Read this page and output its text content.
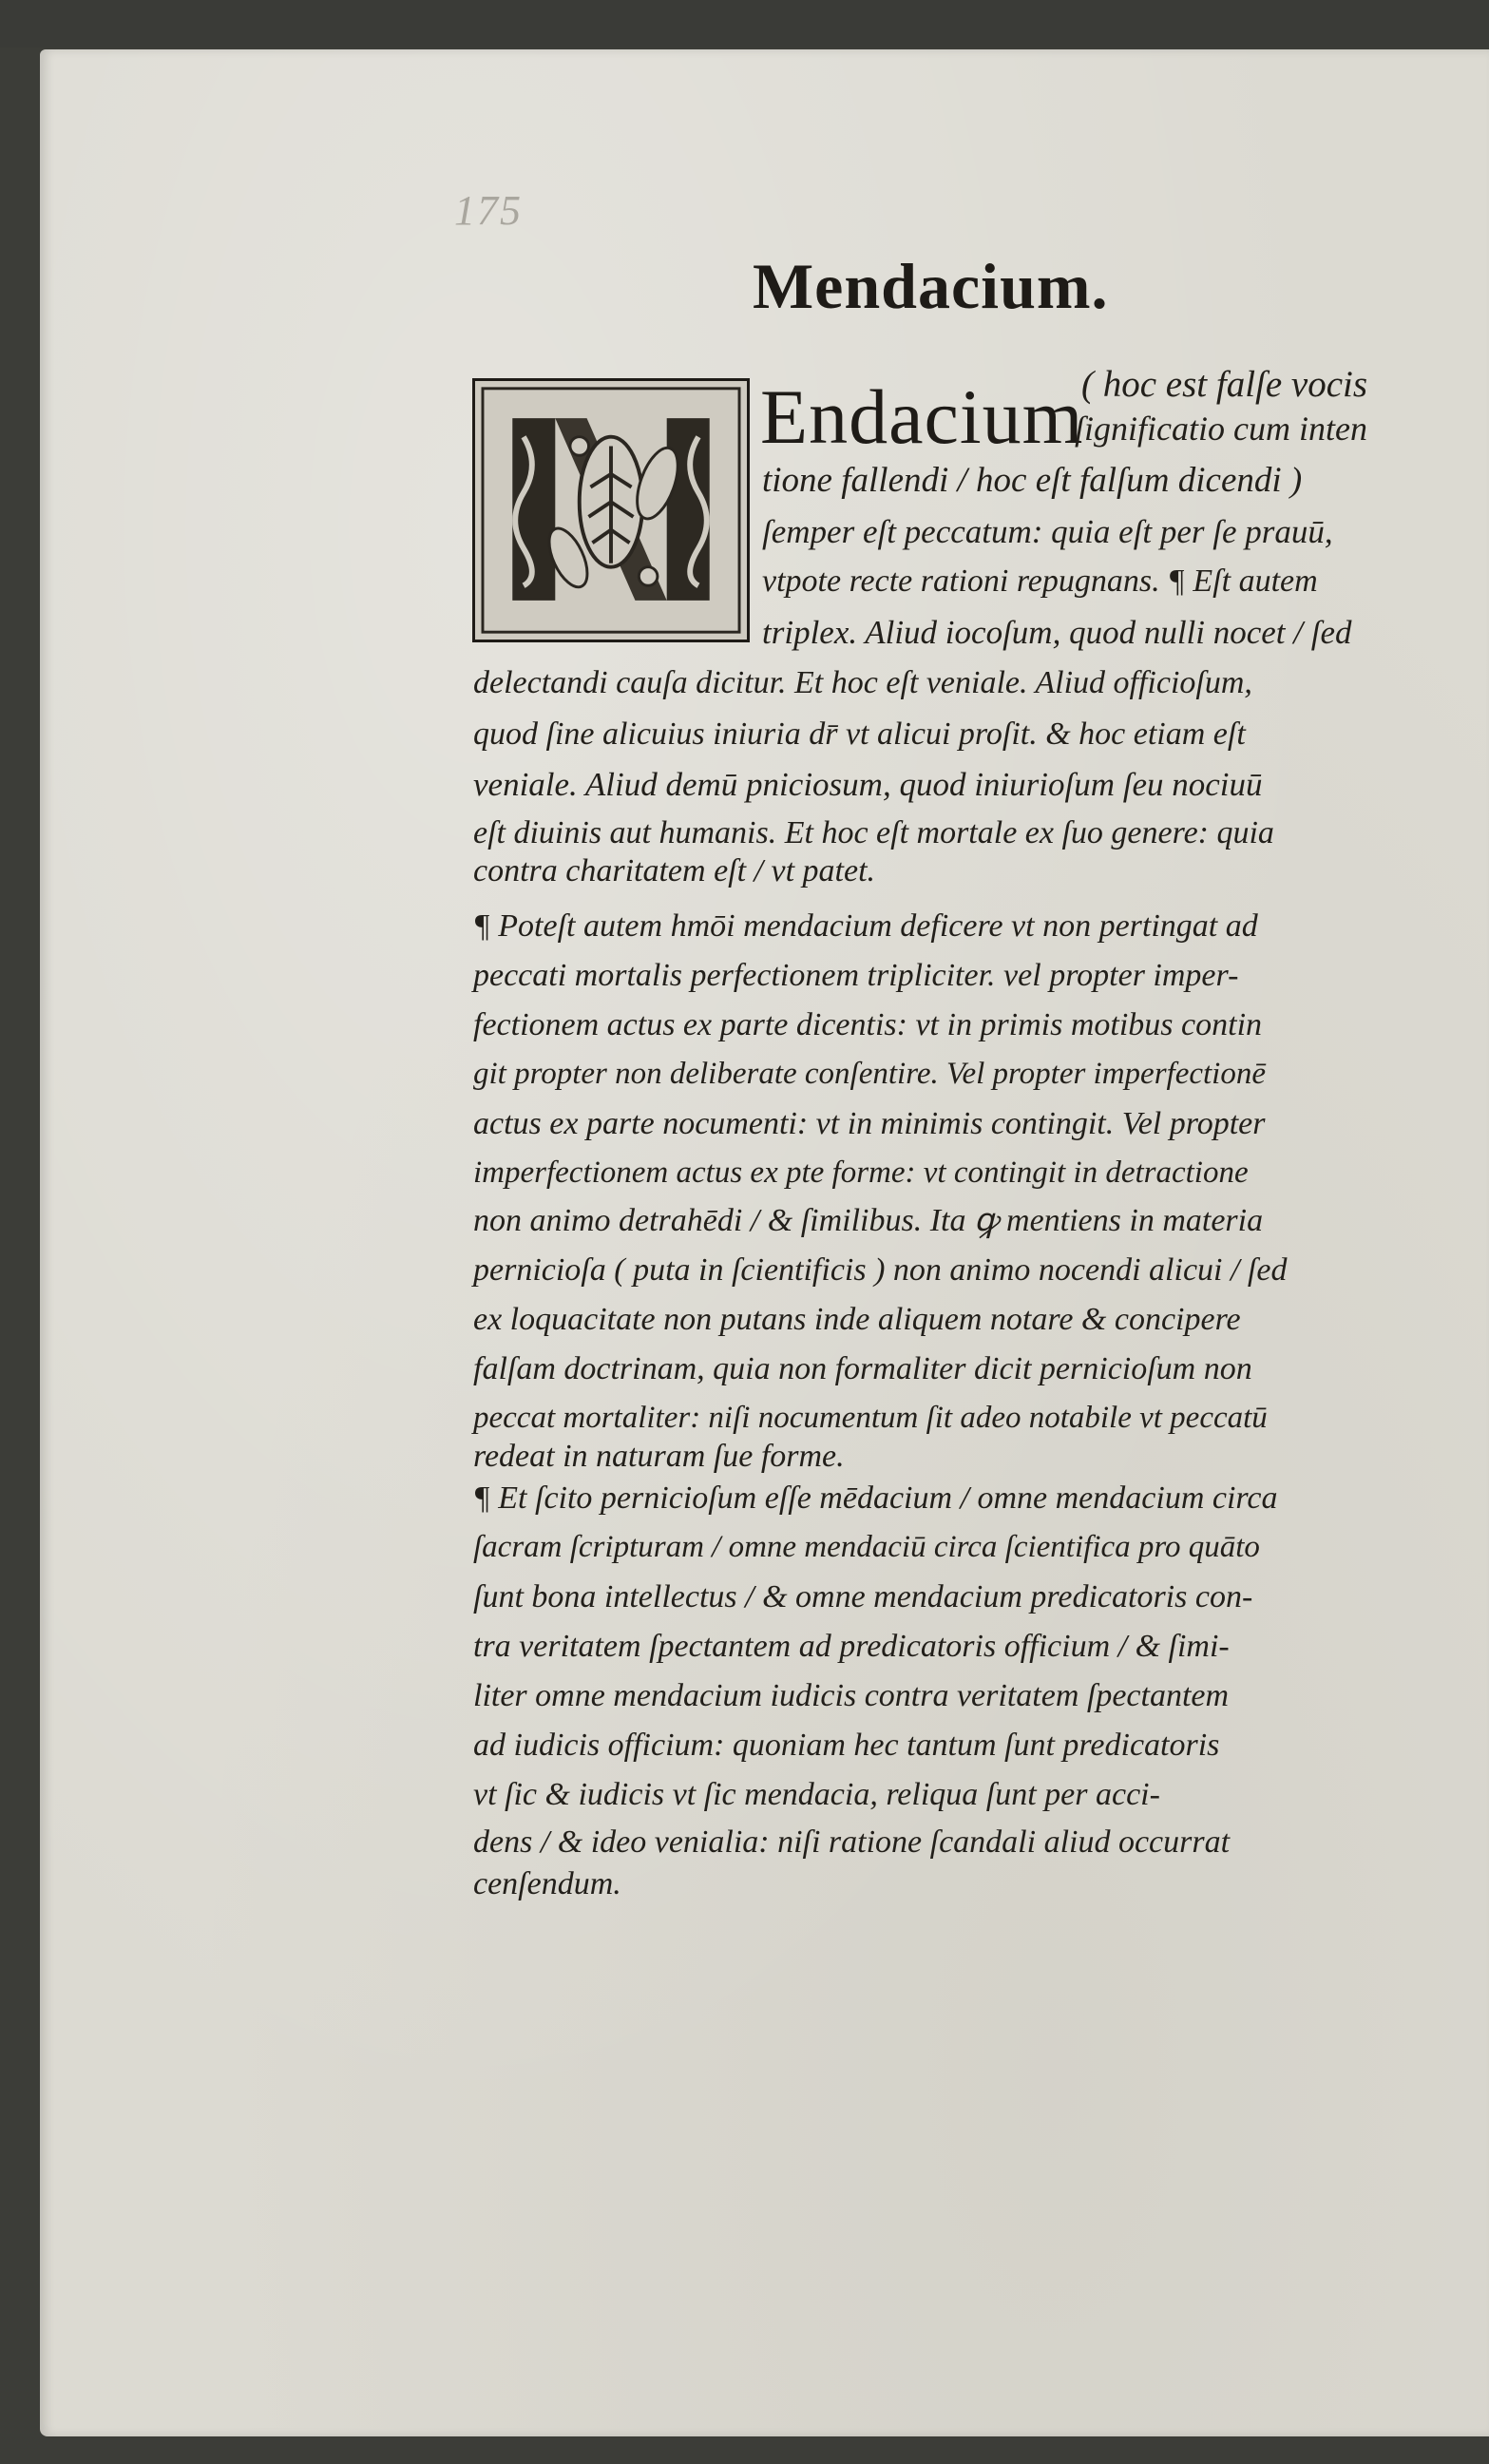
175
Mendacium.
Endacium
( hoc est falſe vocis
ſignificatio cum inten
tione fallendi / hoc eſt falſum dicendi )
ſemper eſt peccatum: quia eſt per ſe prauū,
vtpote recte rationi repugnans. ¶ Eſt autem
triplex. Aliud iocoſum, quod nulli nocet / ſed
delectandi cauſa dicitur. Et hoc eſt veniale. Aliud officioſum,
quod ſine alicuius iniuria dr̄ vt alicui proſit. & hoc etiam eſt
veniale. Aliud demū pniciosum, quod iniurioſum ſeu nociuū
eſt diuinis aut humanis. Et hoc eſt mortale ex ſuo genere: quia
contra charitatem eſt / vt patet.
¶ Poteſt autem hmōi mendacium deficere vt non pertingat ad
peccati mortalis perfectionem tripliciter. vel propter imper-
fectionem actus ex parte dicentis: vt in primis motibus contin
git propter non deliberate conſentire. Vel propter imperfectionē
actus ex parte nocumenti: vt in minimis contingit. Vel propter
imperfectionem actus ex pte forme: vt contingit in detractione
non animo detrahēdi / & ſimilibus. Ita ꝙ mentiens in materia
pernicioſa ( puta in ſcientificis ) non animo nocendi alicui / ſed
ex loquacitate non putans inde aliquem notare & concipere
falſam doctrinam, quia non formaliter dicit pernicioſum non
peccat mortaliter: niſi nocumentum ſit adeo notabile vt peccatū
redeat in naturam ſue forme.
¶ Et ſcito pernicioſum eſſe mēdacium / omne mendacium circa
ſacram ſcripturam / omne mendaciū circa ſcientifica pro quāto
ſunt bona intellectus / & omne mendacium predicatoris con-
tra veritatem ſpectantem ad predicatoris officium / & ſimi-
liter omne mendacium iudicis contra veritatem ſpectantem
ad iudicis officium: quoniam hec tantum ſunt predicatoris
vt ſic & iudicis vt ſic mendacia, reliqua ſunt per acci-
dens / & ideo venialia: niſi ratione ſcandali aliud occurrat
cenſendum.
